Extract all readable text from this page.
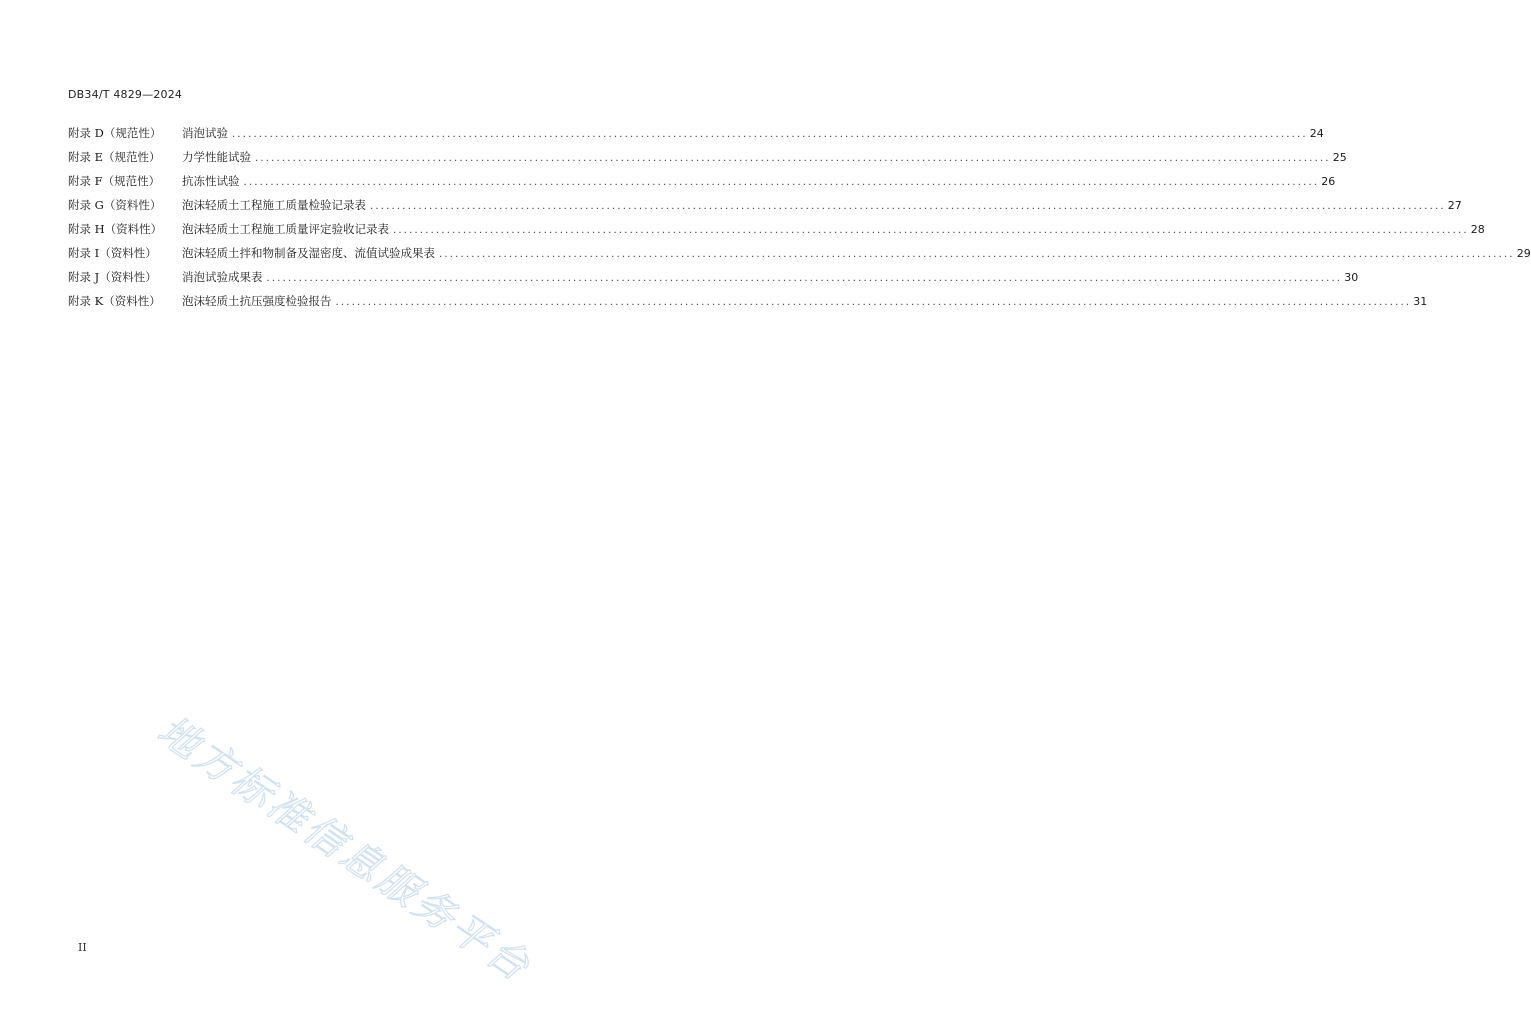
DB34/T 4829—2024
附录 D（规范性）	消泡试验 ........................................................................................................................................................................................................ 24
附录 E（规范性）	力学性能试验 ........................................................................................................................................................................................................ 25
附录 F（规范性）	抗冻性试验 ........................................................................................................................................................................................................ 26
附录 G（资料性）	泡沫轻质土工程施工质量检验记录表 ........................................................................................................................................................................................................ 27
附录 H（资料性）	泡沫轻质土工程施工质量评定验收记录表 ........................................................................................................................................................................................................ 28
附录 I（资料性）	泡沫轻质土拌和物制备及湿密度、流值试验成果表 ........................................................................................................................................................................................................ 29
附录 J（资料性）	消泡试验成果表 ........................................................................................................................................................................................................ 30
附录 K（资料性）	泡沫轻质土抗压强度检验报告 ........................................................................................................................................................................................................ 31
地方标准信息服务平台
II
